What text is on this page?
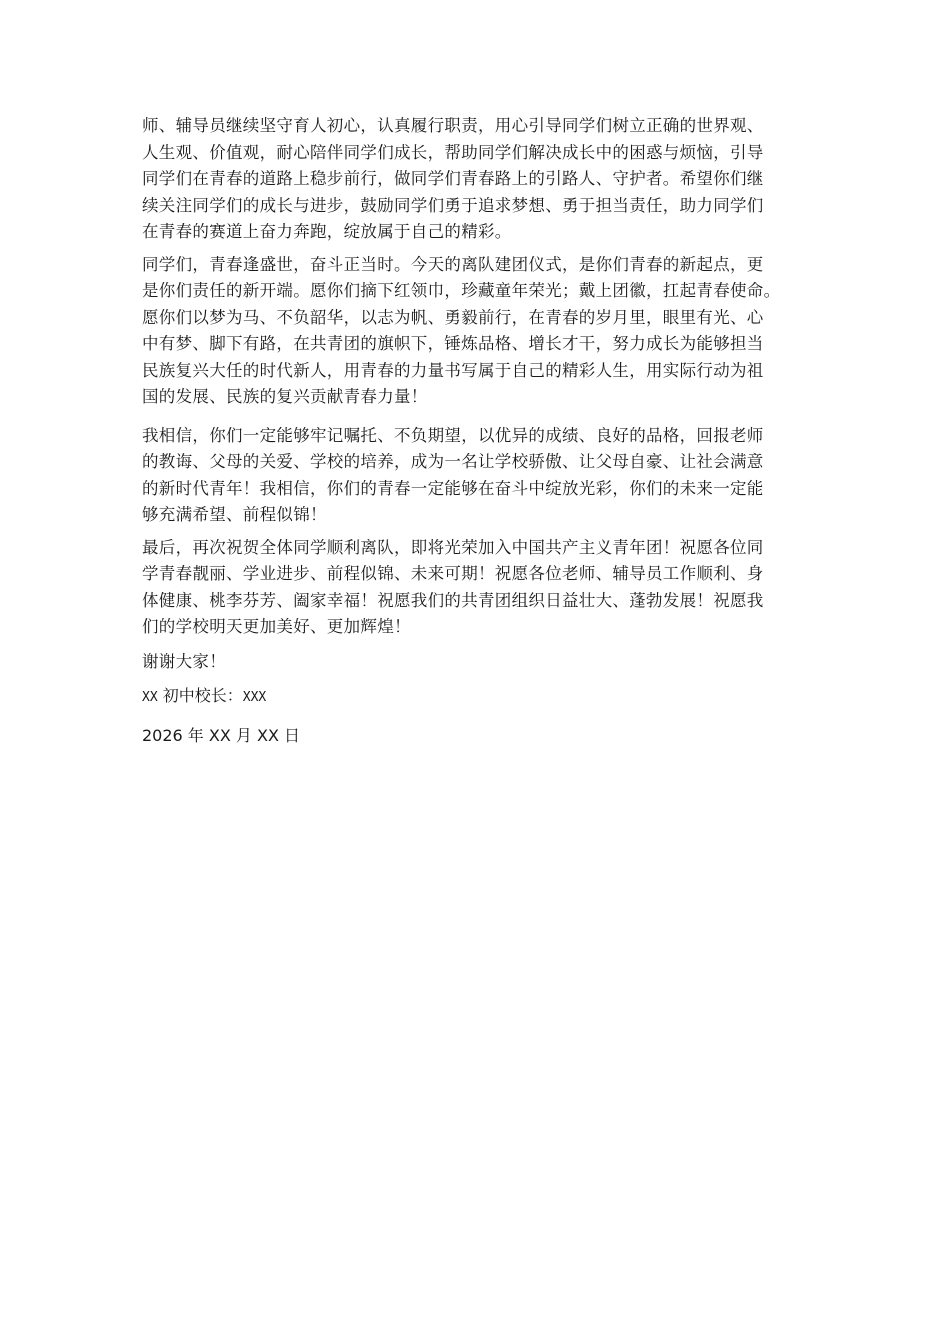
师、辅导员继续坚守育人初心，认真履行职责，用心引导同学们树立正确的世界观、
人生观、价值观，耐心陪伴同学们成长，帮助同学们解决成长中的困惑与烦恼，引导
同学们在青春的道路上稳步前行，做同学们青春路上的引路人、守护者。希望你们继
续关注同学们的成长与进步，鼓励同学们勇于追求梦想、勇于担当责任，助力同学们
在青春的赛道上奋力奔跑，绽放属于自己的精彩。

同学们，青春逢盛世，奋斗正当时。今天的离队建团仪式，是你们青春的新起点，更
是你们责任的新开端。愿你们摘下红领巾，珍藏童年荣光；戴上团徽，扛起青春使命。
愿你们以梦为马、不负韶华，以志为帆、勇毅前行，在青春的岁月里，眼里有光、心
中有梦、脚下有路，在共青团的旗帜下，锤炼品格、增长才干，努力成长为能够担当
民族复兴大任的时代新人，用青春的力量书写属于自己的精彩人生，用实际行动为祖
国的发展、民族的复兴贡献青春力量！

我相信，你们一定能够牢记嘱托、不负期望，以优异的成绩、良好的品格，回报老师
的教诲、父母的关爱、学校的培养，成为一名让学校骄傲、让父母自豪、让社会满意
的新时代青年！我相信，你们的青春一定能够在奋斗中绽放光彩，你们的未来一定能
够充满希望、前程似锦！

最后，再次祝贺全体同学顺利离队，即将光荣加入中国共产主义青年团！祝愿各位同
学青春靓丽、学业进步、前程似锦、未来可期！祝愿各位老师、辅导员工作顺利、身
体健康、桃李芬芳、阖家幸福！祝愿我们的共青团组织日益壮大、蓬勃发展！祝愿我
们的学校明天更加美好、更加辉煌！

谢谢大家！

XX 初中校长：XXX

2026 年 XX 月 XX 日
